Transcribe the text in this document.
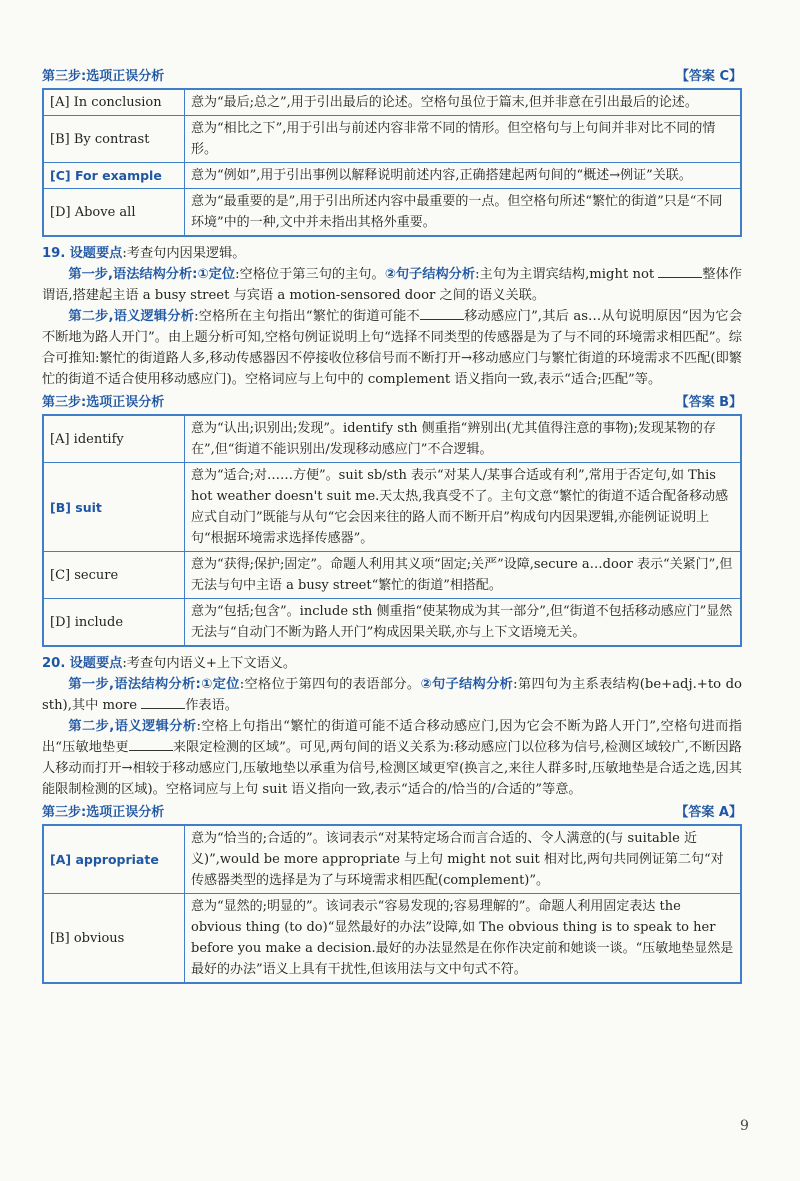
第三步:选项正误分析	【答案 C】
[A] In conclusion	意为“最后;总之”,用于引出最后的论述。空格句虽位于篇末,但并非意在引出最后的论述。
[B] By contrast	意为“相比之下”,用于引出与前述内容非常不同的情形。但空格句与上句间并非对比不同的情形。
[C] For example	意为“例如”,用于引出事例以解释说明前述内容,正确搭建起两句间的“概述→例证”关联。
[D] Above all	意为“最重要的是”,用于引出所述内容中最重要的一点。但空格句所述“繁忙的街道”只是“不同环境”中的一种,文中并未指出其格外重要。

19. 设题要点:考查句内因果逻辑。

第一步,语法结构分析:①定位:空格位于第三句的主句。②句子结构分析:主句为主谓宾结构,might not	整体作谓语,搭建起主语 a busy street 与宾语 a motion-sensored door 之间的语义关联。

第二步,语义逻辑分析:空格所在主句指出“繁忙的街道可能不	移动感应门”,其后 as…从句说明原因“因为它会不断地为路人开门”。由上题分析可知,空格句例证说明上句“选择不同类型的传感器是为了与不同的环境需求相匹配”。综合可推知:繁忙的街道路人多,移动传感器因不停接收位移信号而不断打开→移动感应门与繁忙街道的环境需求不匹配(即繁忙的街道不适合使用移动感应门)。空格词应与上句中的 complement 语义指向一致,表示“适合;匹配”等。

第三步:选项正误分析	【答案 B】
[A] identify	意为“认出;识别出;发现”。identify sth 侧重指“辨别出(尤其值得注意的事物);发现某物的存在”,但“街道不能识别出/发现移动感应门”不合逻辑。
[B] suit	意为“适合;对……方便”。suit sb/sth 表示“对某人/某事合适或有利”,常用于否定句,如 This hot weather doesn't suit me.天太热,我真受不了。主句文意“繁忙的街道不适合配备移动感应式自动门”既能与从句“它会因来往的路人而不断开启”构成句内因果逻辑,亦能例证说明上句“根据环境需求选择传感器”。
[C] secure	意为“获得;保护;固定”。命题人利用其义项“固定;关严”设障,secure a…door 表示“关紧门”,但无法与句中主语 a busy street“繁忙的街道”相搭配。
[D] include	意为“包括;包含”。include sth 侧重指“使某物成为其一部分”,但“街道不包括移动感应门”显然无法与“自动门不断为路人开门”构成因果关联,亦与上下文语境无关。

20. 设题要点:考查句内语义+上下文语义。

第一步,语法结构分析:①定位:空格位于第四句的表语部分。②句子结构分析:第四句为主系表结构(be+adj.+to do sth),其中 more	作表语。

第二步,语义逻辑分析:空格上句指出“繁忙的街道可能不适合移动感应门,因为它会不断为路人开门”,空格句进而指出“压敏地垫更	来限定检测的区域”。可见,两句间的语义关系为:移动感应门以位移为信号,检测区域较广,不断因路人移动而打开→相较于移动感应门,压敏地垫以承重为信号,检测区域更窄(换言之,来往人群多时,压敏地垫是合适之选,因其能限制检测的区域)。空格词应与上句 suit 语义指向一致,表示“适合的/恰当的/合适的”等意。

第三步:选项正误分析	【答案 A】
[A] appropriate	意为“恰当的;合适的”。该词表示“对某特定场合而言合适的、令人满意的(与 suitable 近义)”,would be more appropriate 与上句 might not suit 相对比,两句共同例证第二句“对传感器类型的选择是为了与环境需求相匹配(complement)”。
[B] obvious	意为“显然的;明显的”。该词表示“容易发现的;容易理解的”。命题人利用固定表达 the obvious thing (to do)“显然最好的办法”设障,如 The obvious thing is to speak to her before you make a decision.最好的办法显然是在你作决定前和她谈一谈。“压敏地垫显然是最好的办法”语义上具有干扰性,但该用法与文中句式不符。
9
